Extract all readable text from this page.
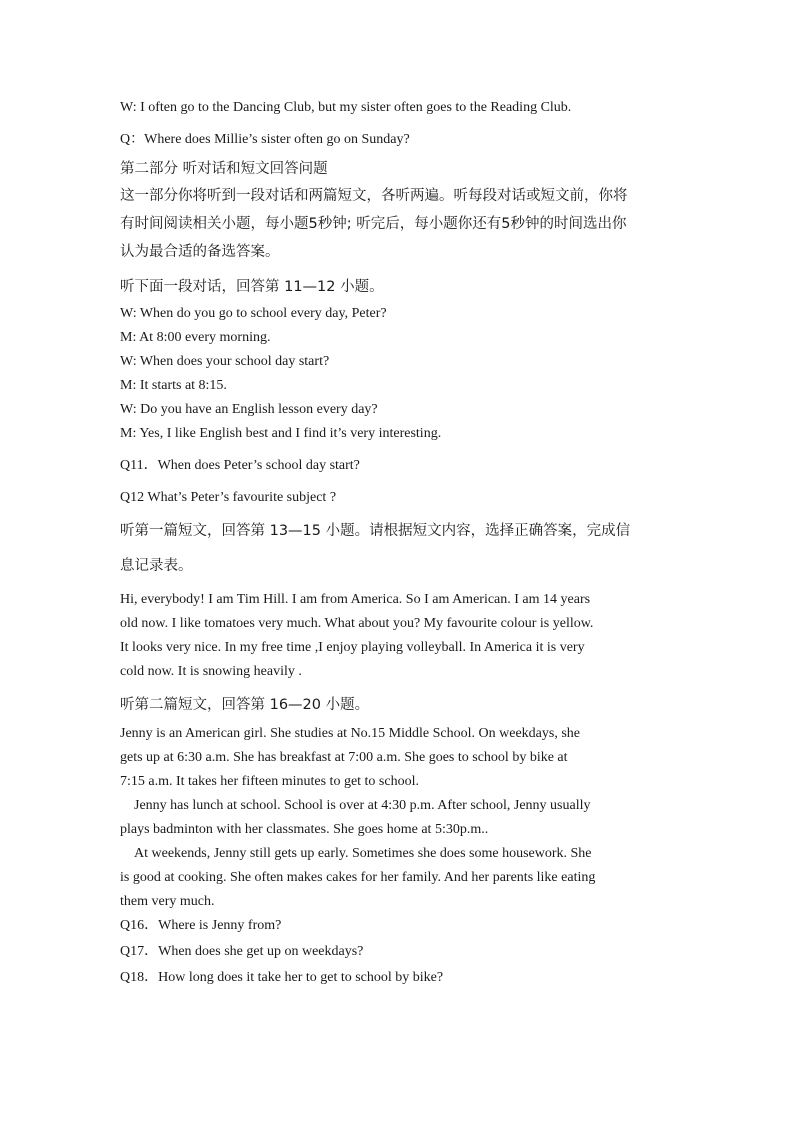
W: I often go to the Dancing Club, but my sister often goes to the Reading Club.
Q：Where does Millie’s sister often go on Sunday?
第二部分 听对话和短文回答问题
这一部分你将听到一段对话和两篇短文，各听两遍。听每段对话或短文前，你将
有时间阅读相关小题，每小题5秒钟; 听完后，每小题你还有5秒钟的时间选出你
认为最合适的备选答案。
听下面一段对话，回答第 11—12 小题。
W: When do you go to school every day, Peter?
M: At 8:00 every morning.
W: When does your school day start?
M: It starts at 8:15.
W: Do you have an English lesson every day?
M: Yes, I like English best and I find it’s very interesting.
Q11．When does Peter’s school day start?
Q12 What’s Peter’s favourite subject ?
听第一篇短文，回答第 13—15 小题。请根据短文内容，选择正确答案，完成信
息记录表。
Hi, everybody! I am Tim Hill. I am from America. So I am American. I am 14 years
old now. I like tomatoes very much. What about you? My favourite colour is yellow.
It looks very nice. In my free time ,I enjoy playing volleyball. In America it is very
cold now. It is snowing heavily .
听第二篇短文，回答第 16—20 小题。
Jenny is an American girl. She studies at No.15 Middle School. On weekdays, she
gets up at 6:30 a.m. She has breakfast at 7:00 a.m. She goes to school by bike at
7:15 a.m. It takes her fifteen minutes to get to school.
Jenny has lunch at school. School is over at 4:30 p.m. After school, Jenny usually
plays badminton with her classmates. She goes home at 5:30p.m..
At weekends, Jenny still gets up early. Sometimes she does some housework. She
is good at cooking. She often makes cakes for her family. And her parents like eating
them very much.
Q16．Where is Jenny from?
Q17．When does she get up on weekdays?
Q18．How long does it take her to get to school by bike?
